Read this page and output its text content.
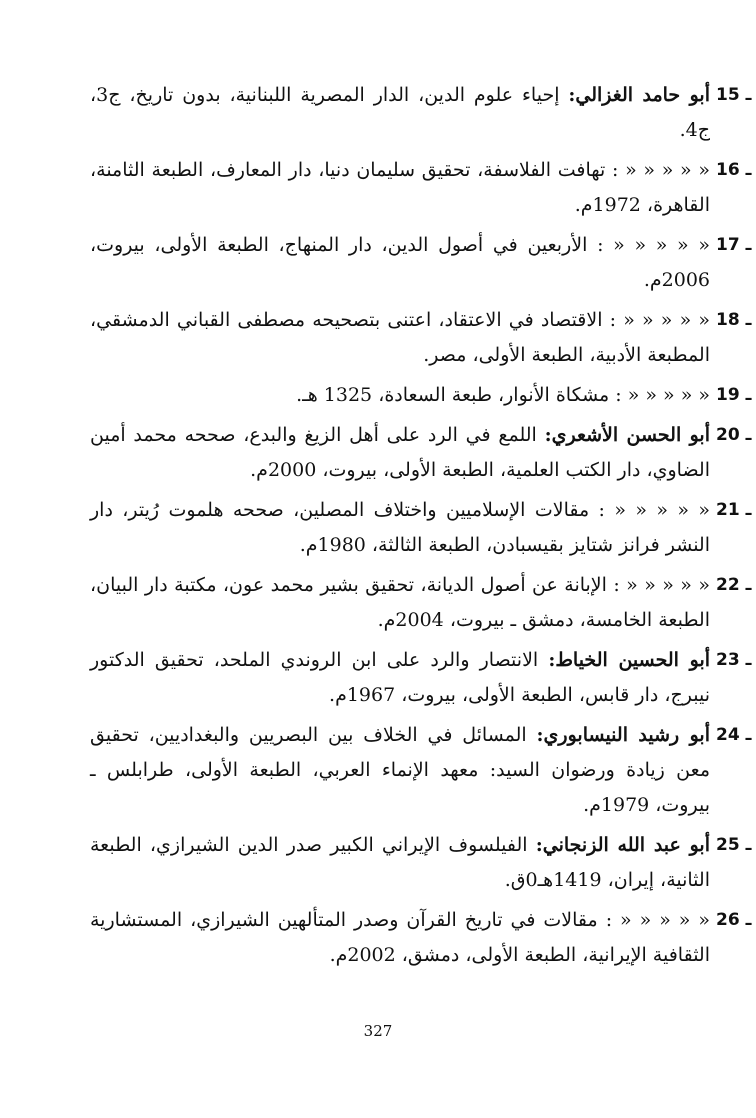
15 ـ
أبو حامد الغزالي: إحياء علوم الدين، الدار المصرية اللبنانية، بدون تاريخ، ج3، ج4.
16 ـ
« « « « « : تهافت الفلاسفة، تحقيق سليمان دنيا، دار المعارف، الطبعة الثامنة، القاهرة، 1972م.
17 ـ
« « « « « : الأربعين في أصول الدين، دار المنهاج، الطبعة الأولى، بيروت، 2006م.
18 ـ
« « « « « : الاقتصاد في الاعتقاد، اعتنى بتصحيحه مصطفى القباني الدمشقي، المطبعة الأدبية، الطبعة الأولى، مصر.
19 ـ
« « « « « : مشكاة الأنوار، طبعة السعادة، 1325 هـ.
20 ـ
أبو الحسن الأشعري: اللمع في الرد على أهل الزيغ والبدع، صححه محمد أمين الضاوي، دار الكتب العلمية، الطبعة الأولى، بيروت، 2000م.
21 ـ
« « « « « : مقالات الإسلاميين واختلاف المصلين، صححه هلموت رُيتر، دار النشر فرانز شتايز بقيسبادن، الطبعة الثالثة، 1980م.
22 ـ
« « « « « : الإبانة عن أصول الديانة، تحقيق بشير محمد عون، مكتبة دار البيان، الطبعة الخامسة، دمشق ـ بيروت، 2004م.
23 ـ
أبو الحسين الخياط: الانتصار والرد على ابن الروندي الملحد، تحقيق الدكتور نيبرج، دار قابس، الطبعة الأولى، بيروت، 1967م.
24 ـ
أبو رشيد النيسابوري: المسائل في الخلاف بين البصريين والبغداديين، تحقيق معن زيادة ورضوان السيد: معهد الإنماء العربي، الطبعة الأولى، طرابلس ـ بيروت، 1979م.
25 ـ
أبو عبد الله الزنجاني: الفيلسوف الإيراني الكبير صدر الدين الشيرازي، الطبعة الثانية، إيران، 1419هـ0ق.
26 ـ
« « « « « : مقالات في تاريخ القرآن وصدر المتألهين الشيرازي، المستشارية الثقافية الإيرانية، الطبعة الأولى، دمشق، 2002م.
327
